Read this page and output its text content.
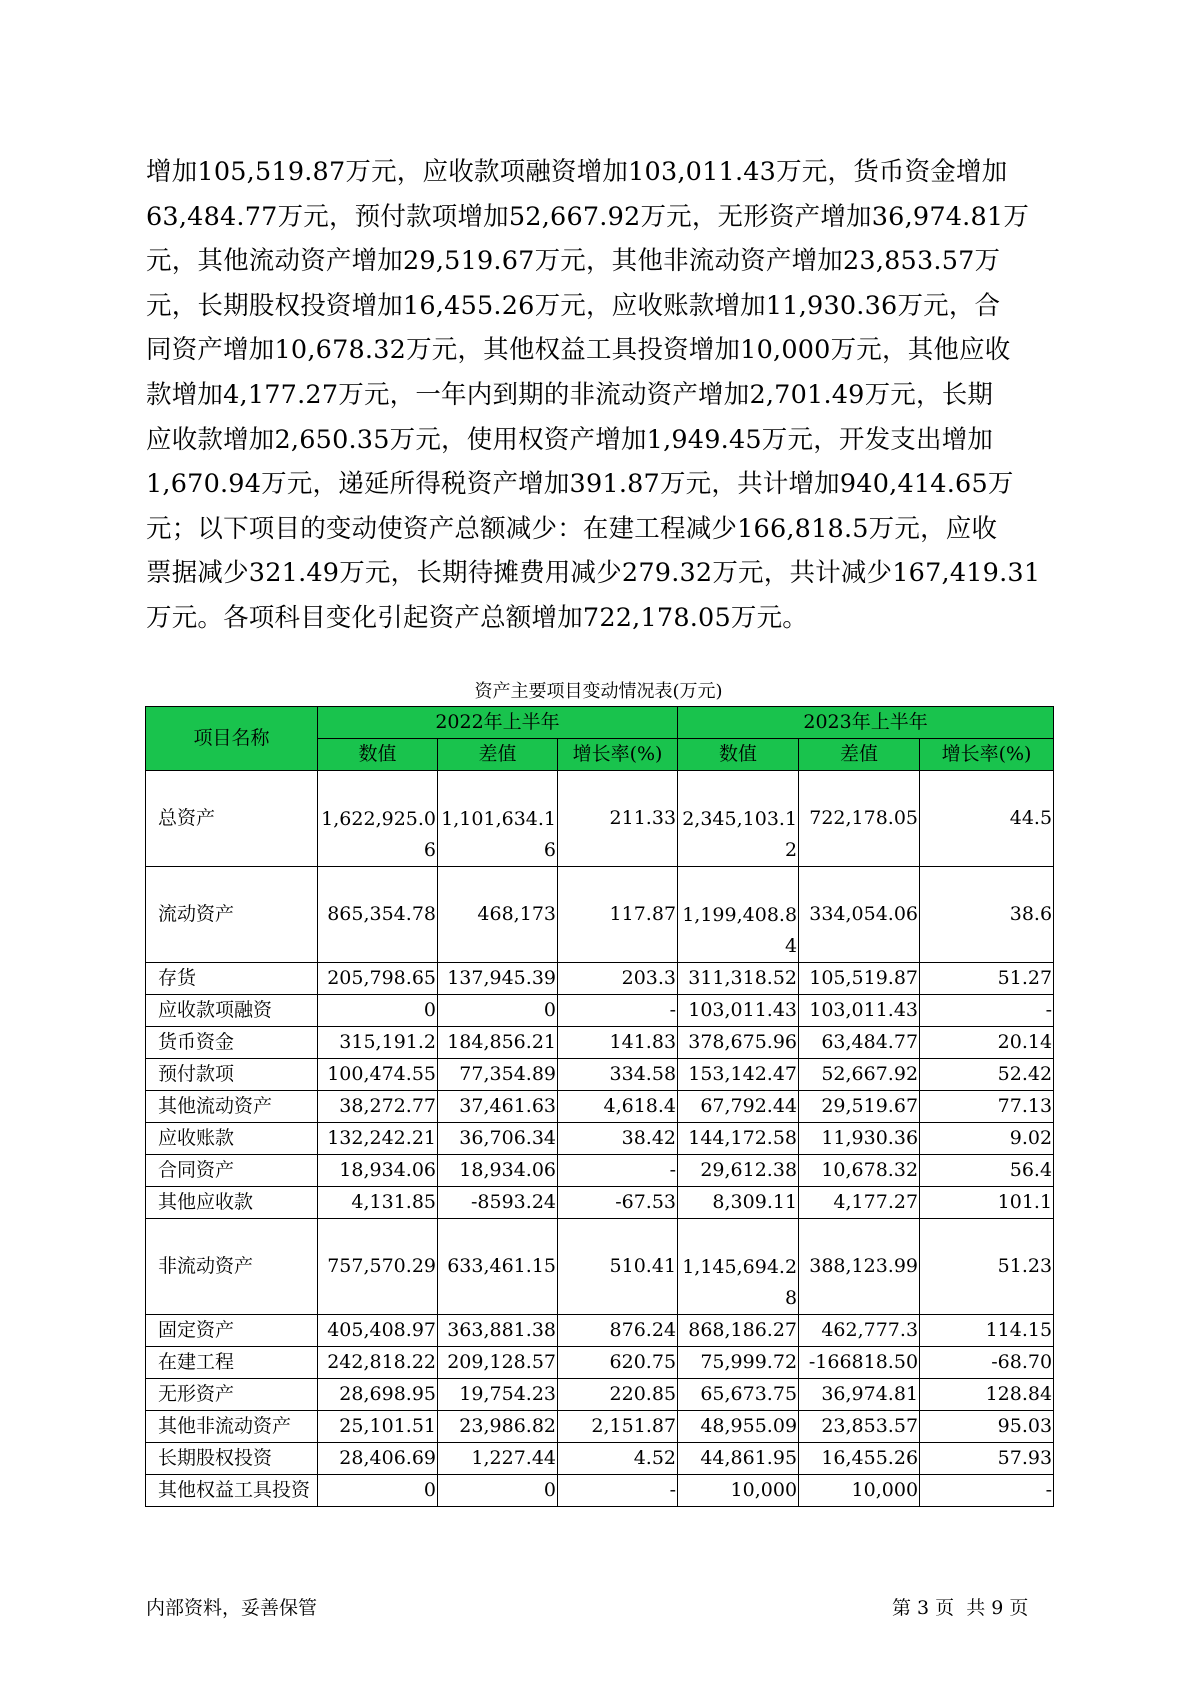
增加105,519.87万元，应收款项融资增加103,011.43万元，货币资金增加
63,484.77万元，预付款项增加52,667.92万元，无形资产增加36,974.81万
元，其他流动资产增加29,519.67万元，其他非流动资产增加23,853.57万
元，长期股权投资增加16,455.26万元，应收账款增加11,930.36万元，合
同资产增加10,678.32万元，其他权益工具投资增加10,000万元，其他应收
款增加4,177.27万元，一年内到期的非流动资产增加2,701.49万元，长期
应收款增加2,650.35万元，使用权资产增加1,949.45万元，开发支出增加
1,670.94万元，递延所得税资产增加391.87万元，共计增加940,414.65万
元；以下项目的变动使资产总额减少：在建工程减少166,818.5万元，应收
票据减少321.49万元，长期待摊费用减少279.32万元，共计减少167,419.31
万元。各项科目变化引起资产总额增加722,178.05万元。
资产主要项目变动情况表(万元)
项目名称	2022年上半年			2023年上半年		
	数值	差值	增长率(%)	数值	差值	增长率(%)
总资产	1,622,925.06	1,101,634.16	211.33	2,345,103.12	722,178.05	44.5
流动资产	865,354.78	468,173	117.87	1,199,408.84	334,054.06	38.6
存货	205,798.65	137,945.39	203.3	311,318.52	105,519.87	51.27
应收款项融资	0	0	-	103,011.43	103,011.43	-
货币资金	315,191.2	184,856.21	141.83	378,675.96	63,484.77	20.14
预付款项	100,474.55	77,354.89	334.58	153,142.47	52,667.92	52.42
其他流动资产	38,272.77	37,461.63	4,618.4	67,792.44	29,519.67	77.13
应收账款	132,242.21	36,706.34	38.42	144,172.58	11,930.36	9.02
合同资产	18,934.06	18,934.06	-	29,612.38	10,678.32	56.4
其他应收款	4,131.85	-8593.24	-67.53	8,309.11	4,177.27	101.1
非流动资产	757,570.29	633,461.15	510.41	1,145,694.28	388,123.99	51.23
固定资产	405,408.97	363,881.38	876.24	868,186.27	462,777.3	114.15
在建工程	242,818.22	209,128.57	620.75	75,999.72	-166818.50	-68.70
无形资产	28,698.95	19,754.23	220.85	65,673.75	36,974.81	128.84
其他非流动资产	25,101.51	23,986.82	2,151.87	48,955.09	23,853.57	95.03
长期股权投资	28,406.69	1,227.44	4.52	44,861.95	16,455.26	57.93
其他权益工具投资	0	0	-	10,000	10,000	-
内部资料，妥善保管	第 3 页  共 9 页
